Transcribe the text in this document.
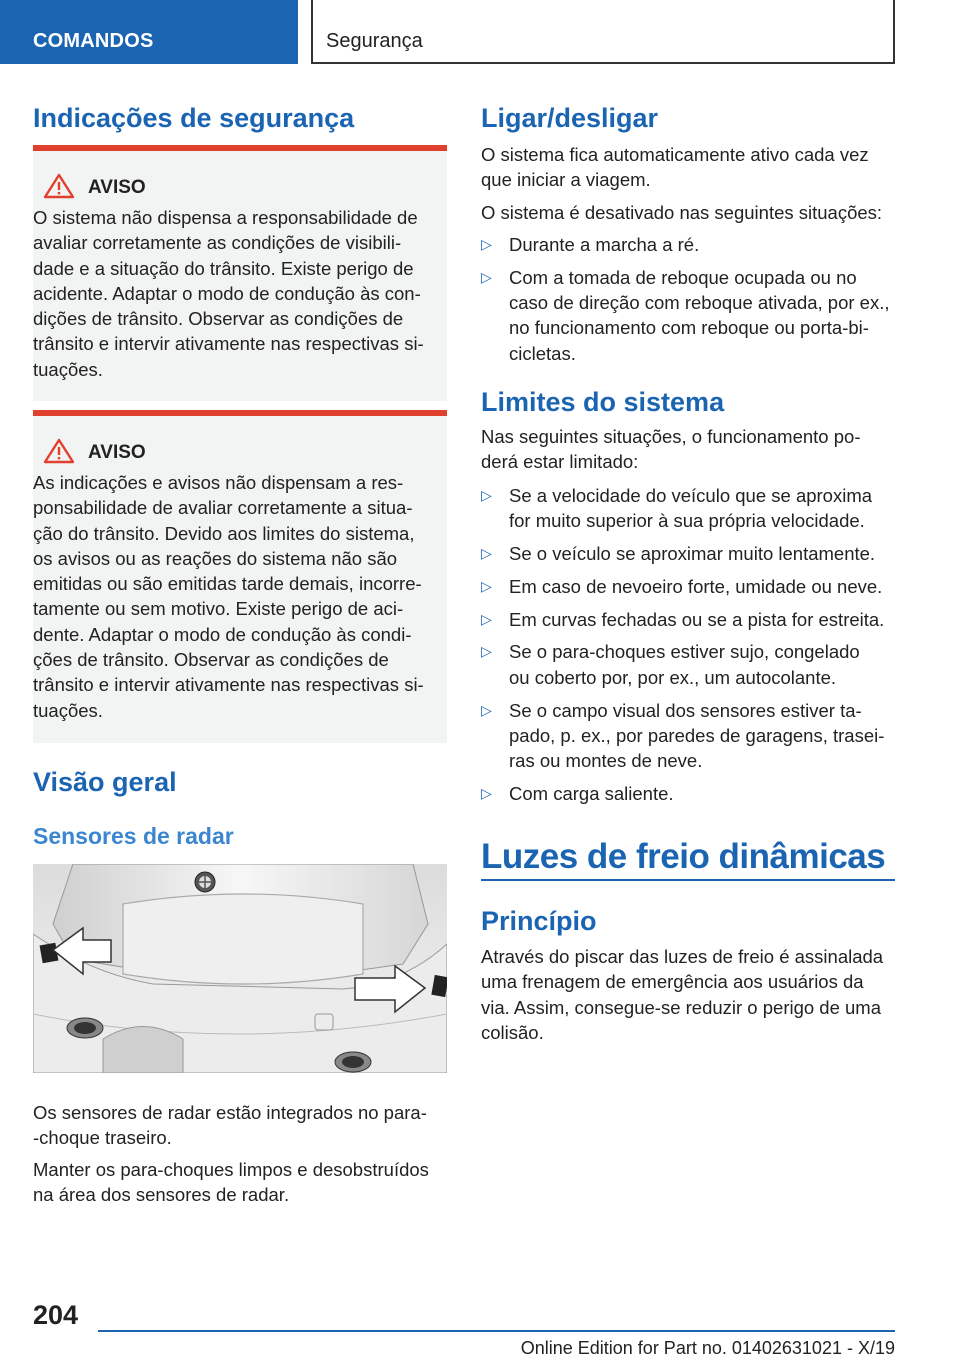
COMANDOS	Segurança
Indicações de segurança
AVISO
O sistema não dispensa a responsabilidade de
avaliar corretamente as condições de visibili-
dade e a situação do trânsito. Existe perigo de
acidente. Adaptar o modo de condução às con-
dições de trânsito. Observar as condições de
trânsito e intervir ativamente nas respectivas si-
tuações.
AVISO
As indicações e avisos não dispensam a res-
ponsabilidade de avaliar corretamente a situa-
ção do trânsito. Devido aos limites do sistema,
os avisos ou as reações do sistema não são
emitidas ou são emitidas tarde demais, incorre-
tamente ou sem motivo. Existe perigo de aci-
dente. Adaptar o modo de condução às condi-
ções de trânsito. Observar as condições de
trânsito e intervir ativamente nas respectivas si-
tuações.
Visão geral
Sensores de radar
Os sensores de radar estão integrados no para-
-choque traseiro.
Manter os para-choques limpos e desobstruídos
na área dos sensores de radar.
Ligar/desligar
O sistema fica automaticamente ativo cada vez
que iniciar a viagem.
O sistema é desativado nas seguintes situações:
▷ Durante a marcha a ré.
▷ Com a tomada de reboque ocupada ou no
caso de direção com reboque ativada, por ex.,
no funcionamento com reboque ou porta-bi-
cicletas.
Limites do sistema
Nas seguintes situações, o funcionamento po-
derá estar limitado:
▷ Se a velocidade do veículo que se aproxima
for muito superior à sua própria velocidade.
▷ Se o veículo se aproximar muito lentamente.
▷ Em caso de nevoeiro forte, umidade ou neve.
▷ Em curvas fechadas ou se a pista for estreita.
▷ Se o para-choques estiver sujo, congelado
ou coberto por, por ex., um autocolante.
▷ Se o campo visual dos sensores estiver ta-
pado, p. ex., por paredes de garagens, trasei-
ras ou montes de neve.
▷ Com carga saliente.
Luzes de freio dinâmicas
Princípio
Através do piscar das luzes de freio é assinalada
uma frenagem de emergência aos usuários da
via. Assim, consegue-se reduzir o perigo de uma
colisão.
204
Online Edition for Part no. 01402631021 - X/19
